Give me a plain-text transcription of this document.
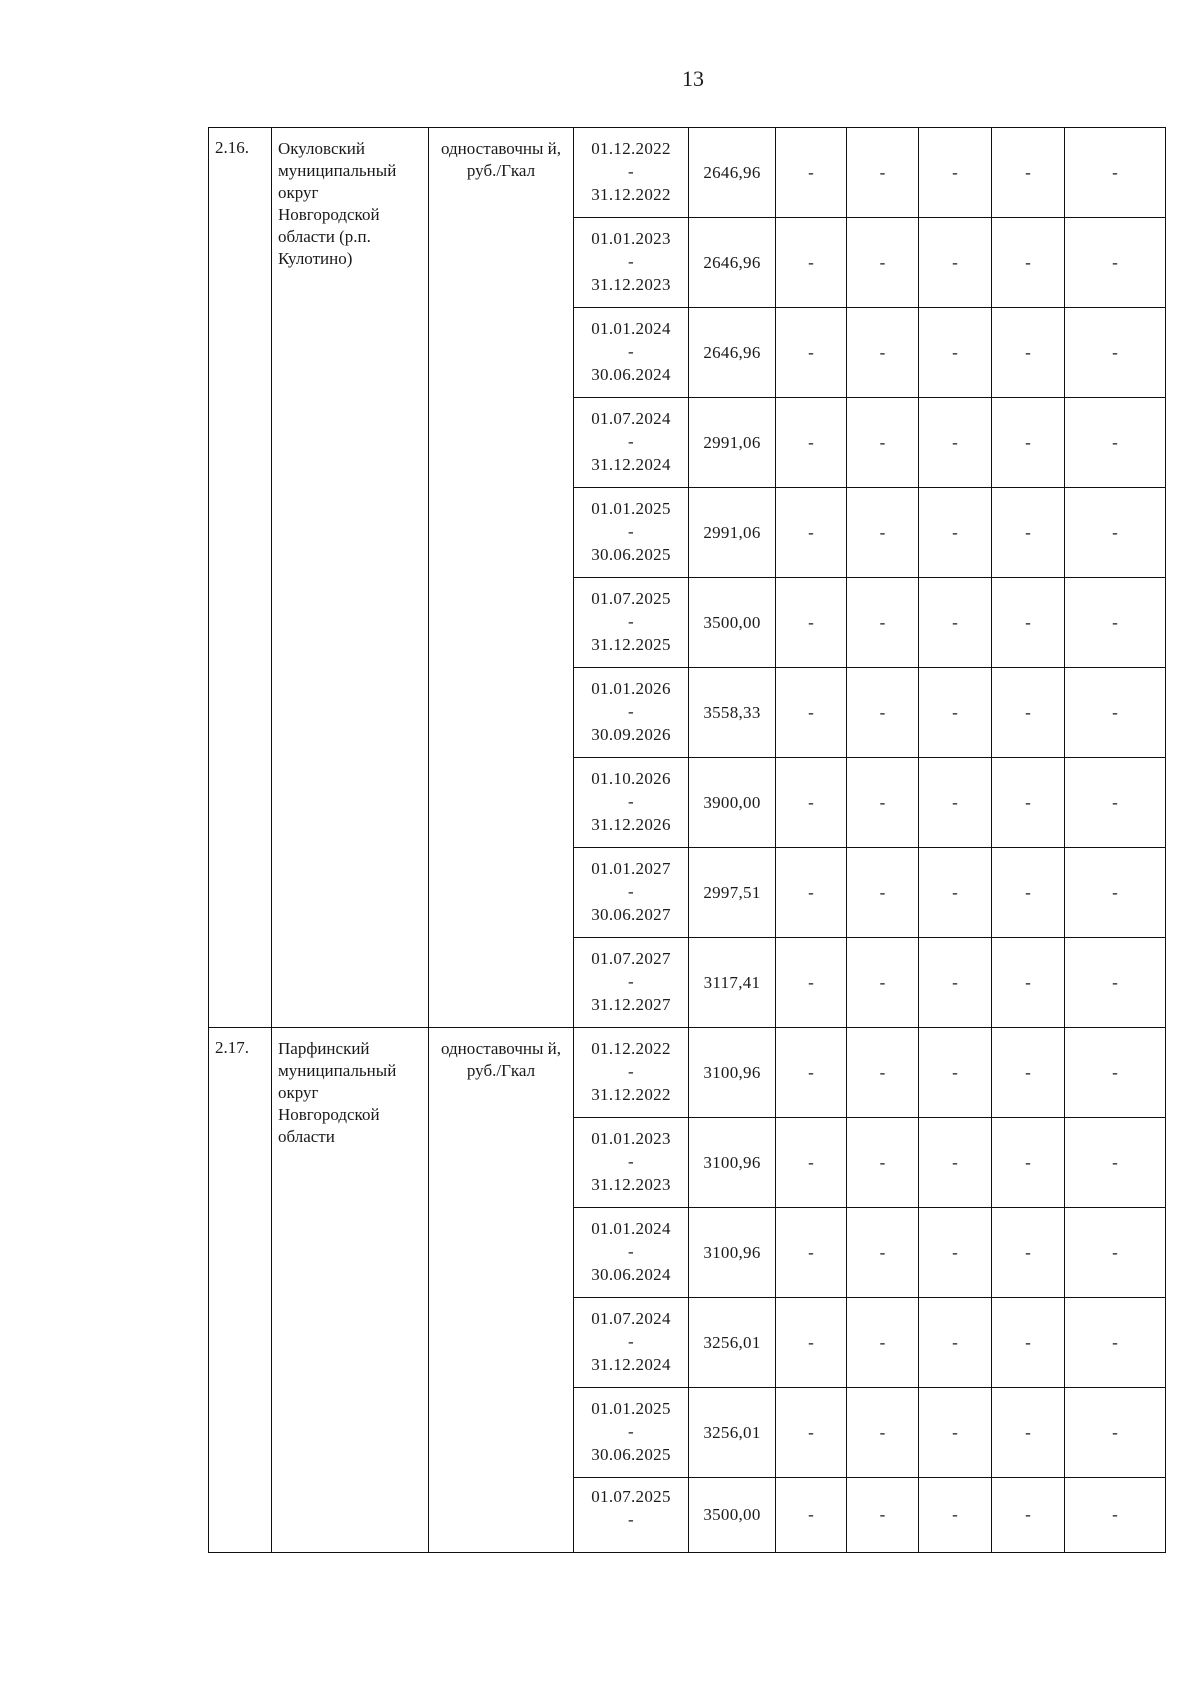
13
2.16.	Окуловский муниципальный округ Новгородской области (р.п. Кулотино)	одноставочны й, руб./Гкал	01.12.2022
-
31.12.2022	2646,96	-	-	-	-	-

			01.01.2023
-
31.12.2023	2646,96	-	-	-	-	-

			01.01.2024
-
30.06.2024	2646,96	-	-	-	-	-

			01.07.2024
-
31.12.2024	2991,06	-	-	-	-	-

			01.01.2025
-
30.06.2025	2991,06	-	-	-	-	-

			01.07.2025
-
31.12.2025	3500,00	-	-	-	-	-

			01.01.2026
-
30.09.2026	3558,33	-	-	-	-	-

			01.10.2026
-
31.12.2026	3900,00	-	-	-	-	-

			01.01.2027
-
30.06.2027	2997,51	-	-	-	-	-

			01.07.2027
-
31.12.2027	3117,41	-	-	-	-	-
2.17.	Парфинский муниципальный округ Новгородской области	одноставочны й, руб./Гкал	01.12.2022
-
31.12.2022	3100,96	-	-	-	-	-

			01.01.2023
-
31.12.2023	3100,96	-	-	-	-	-

			01.01.2024
-
30.06.2024	3100,96	-	-	-	-	-

			01.07.2024
-
31.12.2024	3256,01	-	-	-	-	-

			01.01.2025
-
30.06.2025	3256,01	-	-	-	-	-

			01.07.2025
-	3500,00	-	-	-	-	-
